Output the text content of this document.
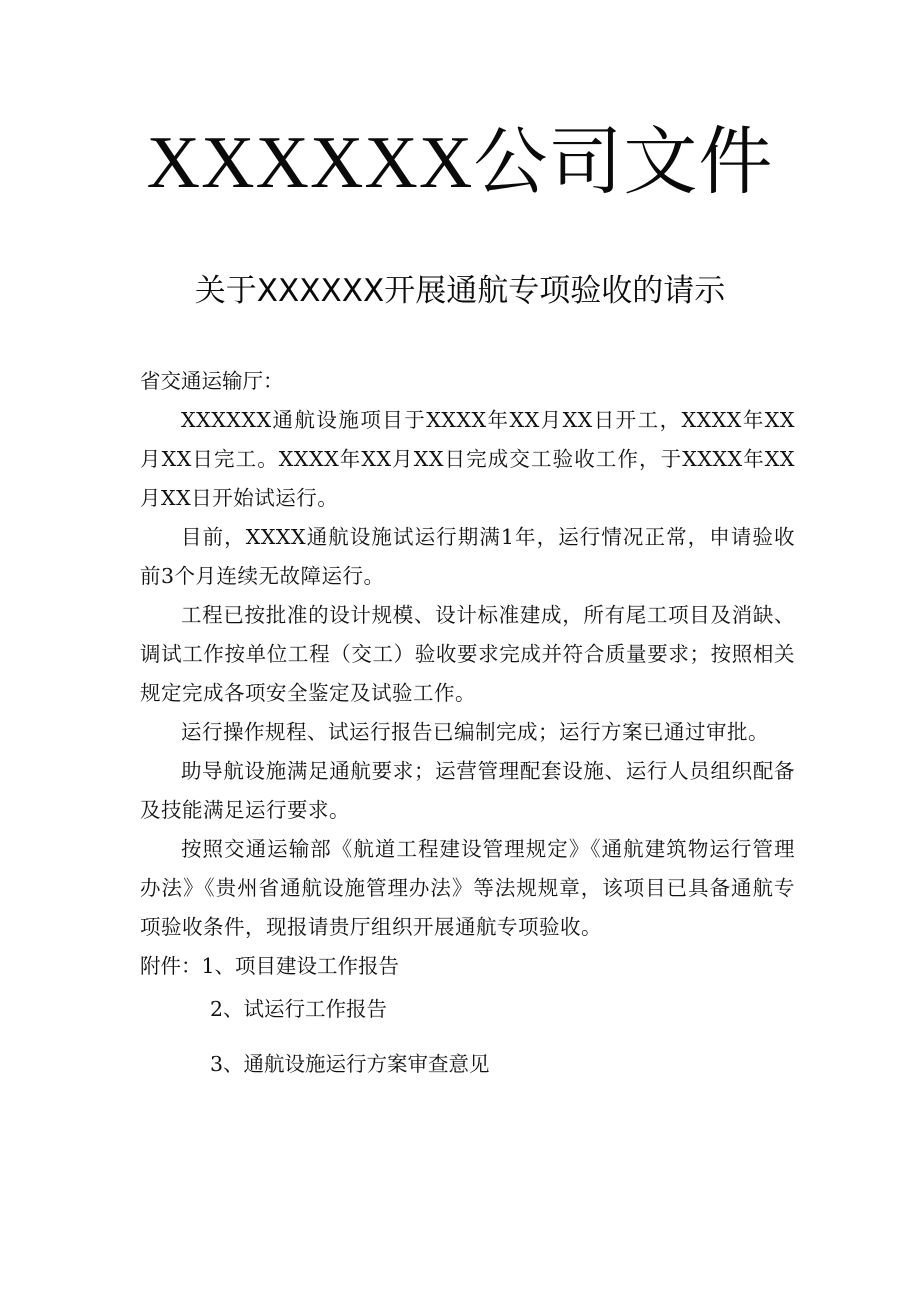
XXXXXX公司文件
关于XXXXXX开展通航专项验收的请示

省交通运输厅：

XXXXXX通航设施项目于XXXX年XX月XX日开工，XXXX年XX月XX日完工。XXXX年XX月XX日完成交工验收工作，于XXXX年XX月XX日开始试运行。

目前，XXXX通航设施试运行期满1年，运行情况正常，申请验收前3个月连续无故障运行。

工程已按批准的设计规模、设计标准建成，所有尾工项目及消缺、调试工作按单位工程（交工）验收要求完成并符合质量要求；按照相关规定完成各项安全鉴定及试验工作。

运行操作规程、试运行报告已编制完成；运行方案已通过审批。

助导航设施满足通航要求；运营管理配套设施、运行人员组织配备及技能满足运行要求。

按照交通运输部《航道工程建设管理规定》《通航建筑物运行管理办法》《贵州省通航设施管理办法》等法规规章，该项目已具备通航专项验收条件，现报请贵厅组织开展通航专项验收。

附件：1、项目建设工作报告

2、试运行工作报告

3、通航设施运行方案审查意见
